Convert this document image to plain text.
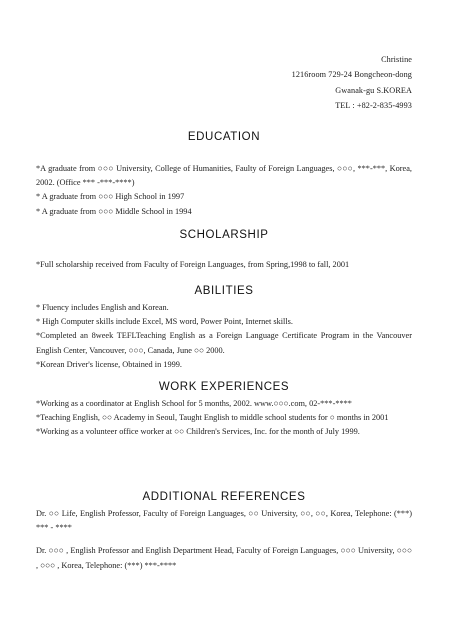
Christine
1216room 729-24 Bongcheon-dong
Gwanak-gu S.KOREA
TEL : +82-2-835-4993
EDUCATION

*A graduate from ○○○ University, College of Humanities, Faulty of Foreign Languages, ○○○, ***-***, Korea, 2002. (Office *** -***-****)

* A graduate from ○○○ High School in 1997

* A graduate from ○○○ Middle School in 1994

SCHOLARSHIP

*Full scholarship received from Faculty of Foreign Languages, from Spring,1998 to fall, 2001

ABILITIES

* Fluency includes English and Korean.

* High Computer skills include Excel, MS word, Power Point, Internet skills.

*Completed an 8week TEFLTeaching English as a Foreign Language Certificate Program in the Vancouver English Center, Vancouver, ○○○, Canada, June ○○ 2000.

*Korean Driver's license, Obtained in 1999.

WORK EXPERIENCES

*Working as a coordinator at English School for 5 months, 2002. www.○○○.com, 02-***-****

*Teaching English, ○○ Academy in Seoul, Taught English to middle school students for ○ months in 2001

*Working as a volunteer office worker at ○○ Children's Services, Inc. for the month of July 1999.

ADDITIONAL REFERENCES

Dr. ○○ Life, English Professor, Faculty of Foreign Languages, ○○ University, ○○, ○○, Korea, Telephone: (***) *** - ****

Dr. ○○○ , English Professor and English Department Head, Faculty of Foreign Languages, ○○○ University, ○○○ , ○○○ , Korea, Telephone: (***) ***-****
